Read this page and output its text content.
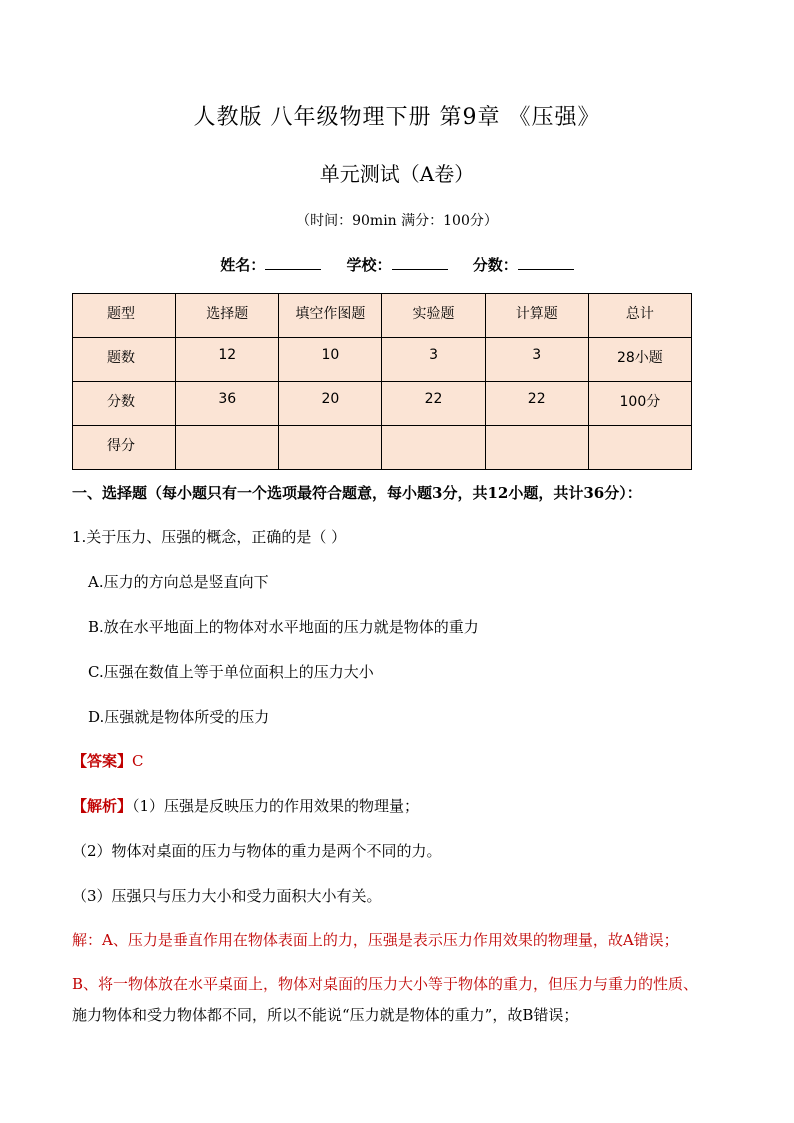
人教版 八年级物理下册 第9章 《压强》
单元测试（A卷）
（时间：90min 满分：100分）
姓名：	学校：	分数：
题型	选择题	填空作图题	实验题	计算题	总计
题数	12	10	3	3	28小题
分数	36	20	22	22	100分
得分					
一、选择题（每小题只有一个选项最符合题意，每小题3分，共12小题，共计36分）：
1.关于压力、压强的概念，正确的是（ ）
A.压力的方向总是竖直向下
B.放在水平地面上的物体对水平地面的压力就是物体的重力
C.压强在数值上等于单位面积上的压力大小
D.压强就是物体所受的压力
【答案】C
【解析】（1）压强是反映压力的作用效果的物理量；
（2）物体对桌面的压力与物体的重力是两个不同的力。
（3）压强只与压力大小和受力面积大小有关。
解：A、压力是垂直作用在物体表面上的力，压强是表示压力作用效果的物理量，故A错误；
B、将一物体放在水平桌面上，物体对桌面的压力大小等于物体的重力，但压力与重力的性质、
施力物体和受力物体都不同，所以不能说“压力就是物体的重力”，故B错误；
